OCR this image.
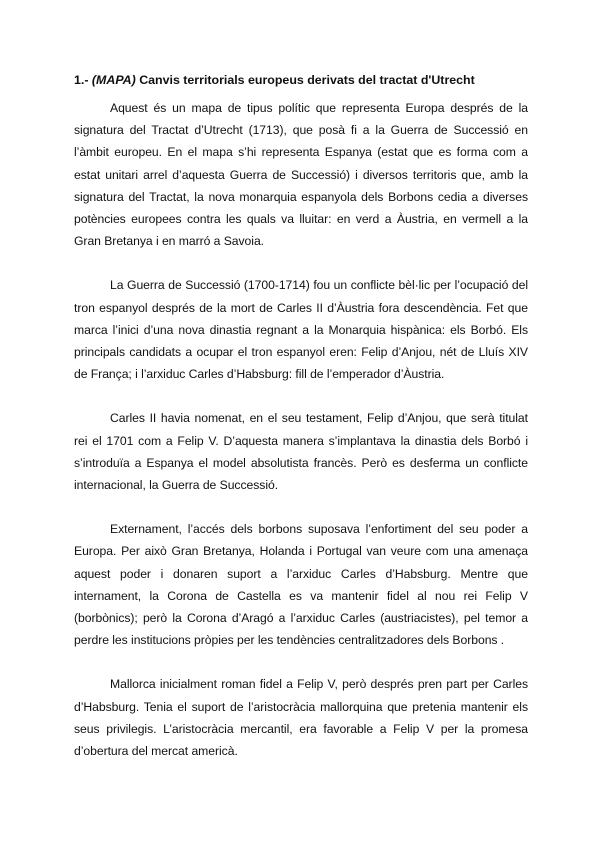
1.- (MAPA) Canvis territorials europeus derivats del tractat d'Utrecht

Aquest és un mapa de tipus polític que representa Europa després de la signatura del Tractat d’Utrecht (1713), que posà fi a la Guerra de Successió en l’àmbit europeu. En el mapa s’hi representa Espanya (estat que es forma com a estat unitari arrel d’aquesta Guerra de Successió) i diversos territoris que, amb la signatura del Tractat, la nova monarquia espanyola dels Borbons cedia a diverses potències europees contra les quals va lluitar: en verd a Àustria, en vermell a la Gran Bretanya i en marró a Savoia.

La Guerra de Successió (1700-1714) fou un conflicte bèl·lic per l’ocupació del tron espanyol després de la mort de Carles II d’Àustria fora descendència. Fet que marca l’inici d’una nova dinastia regnant a la Monarquia hispànica: els Borbó. Els principals candidats a ocupar el tron espanyol eren: Felip d’Anjou, nét de Lluís XIV de França; i l’arxiduc Carles d’Habsburg: fill de l’emperador d’Àustria.

Carles II havia nomenat, en el seu testament, Felip d’Anjou, que serà titulat rei el 1701 com a Felip V. D’aquesta manera s’implantava la dinastia dels Borbó i s’introduïa a Espanya el model absolutista francès. Però es desferma un conflicte internacional, la Guerra de Successió.

Externament, l’accés dels borbons suposava l’enfortiment del seu poder a Europa. Per això Gran Bretanya, Holanda i Portugal van veure com una amenaça aquest poder i donaren suport a l’arxiduc Carles d’Habsburg. Mentre que internament, la Corona de Castella es va mantenir fidel al nou rei Felip V (borbònics); però la Corona d’Aragó a l’arxiduc Carles (austriacistes), pel temor a perdre les institucions pròpies per les tendències centralitzadores dels Borbons .

Mallorca inicialment roman fidel a Felip V, però després pren part per Carles d’Habsburg. Tenia el suport de l’aristocràcia mallorquina que pretenia mantenir els seus privilegis. L’aristocràcia mercantil, era favorable a Felip V per la promesa d’obertura del mercat americà.
